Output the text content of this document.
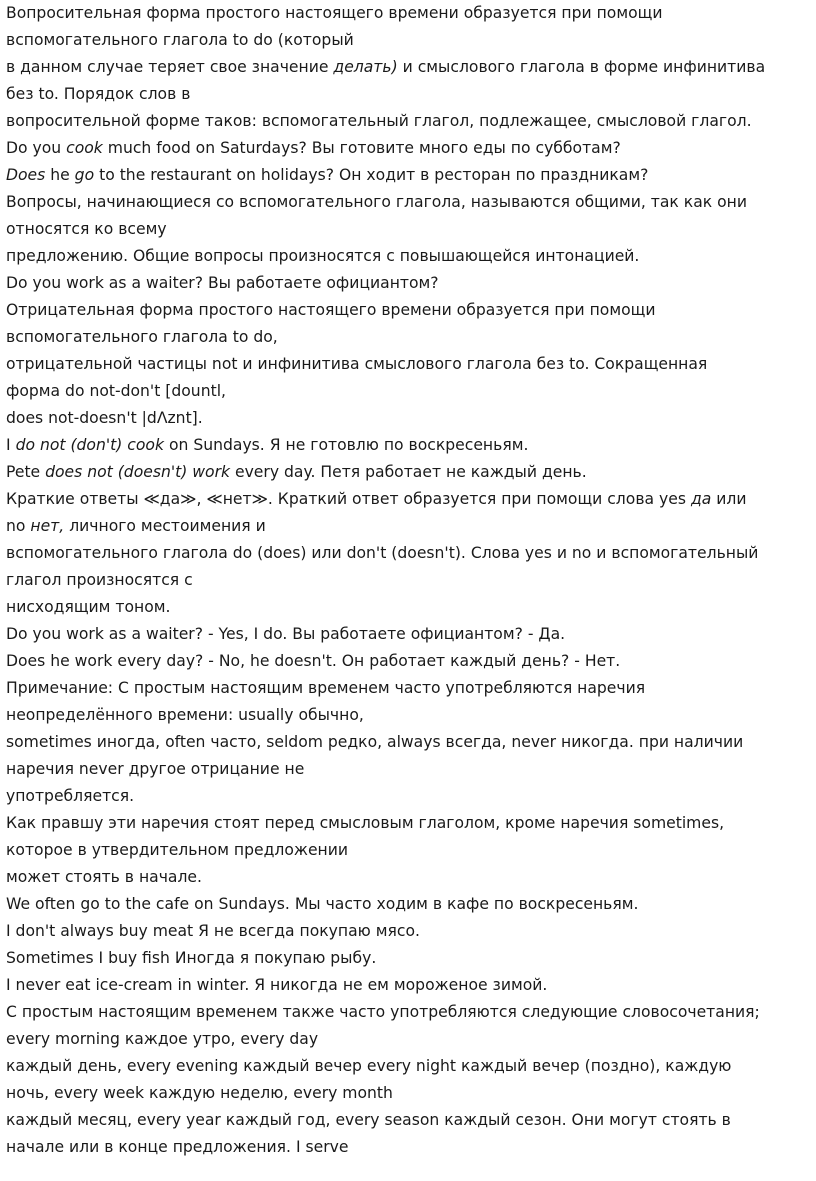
Вопросительная форма простого настоящего времени образуется при помощи
вспомогательного глагола to do (который
в данном случае теряет свое значение делать) и смыслового глагола в форме инфинитива
без to. Порядок слов в
вопросительной форме таков: вспомогательный глагол, подлежащее, смысловой глагол.
Do you cook much food on Saturdays? Вы готовите много еды по субботам?
Does he go to the restaurant on holidays? Он ходит в ресторан по праздникам?
Вопросы, начинающиеся со вспомогательного глагола, называются общими, так как они
относятся ко всему
предложению. Общие вопросы произносятся с повышающейся интонацией.
Do you work as a waiter? Вы работаете официантом?
Отрицательная форма простого настоящего времени образуется при помощи
вспомогательного глагола to do,
отрицательной частицы not и инфинитива смыслового глагола без to. Сокращенная
форма do not-don't [dountl,
does not-doesn't |dΛznt].
I do not (don't) cook on Sundays. Я не готовлю по воскресеньям.
Pete does not (doesn't) work every day. Петя работает не каждый день.
Краткие ответы ≪да≫, ≪нет≫. Краткий ответ образуется при помощи слова yes да или
no нет, личного местоимения и
вспомогательного глагола do (does) или don't (doesn't). Слова yes и no и вспомогательный
глагол произносятся с
нисходящим тоном.
Do you work as a waiter? - Yes, I do. Вы работаете официантом? - Да.
Does he work every day? - No, he doesn't. Он работает каждый день? - Нет.
Примечание: С простым настоящим временем часто употребляются наречия
неопределённого времени: usually обычно,
sometimes иногда, often часто, seldom редко, always всегда, never никогда. при наличии
наречия never другое отрицание не
употребляется.
Как правшу эти наречия стоят перед смысловым глаголом, кроме наречия sometimes,
которое в утвердительном предложении
может стоять в начале.
We often go to the cafe on Sundays. Мы часто ходим в кафе по воскресеньям.
I don't always buy meat Я не всегда покупаю мясо.
Sometimes I buy fish Иногда я покупаю рыбу.
I never eat ice-cream in winter. Я никогда не ем мороженое зимой.
С простым настоящим временем также часто употребляются следующие словосочетания;
every morning каждое утро, every day
каждый день, every evening каждый вечер every night каждый вечер (поздно), каждую
ночь, every week каждую неделю, every month
каждый месяц, every year каждый год, every season каждый сезон. Они могут стоять в
начале или в конце предложения. I serve
